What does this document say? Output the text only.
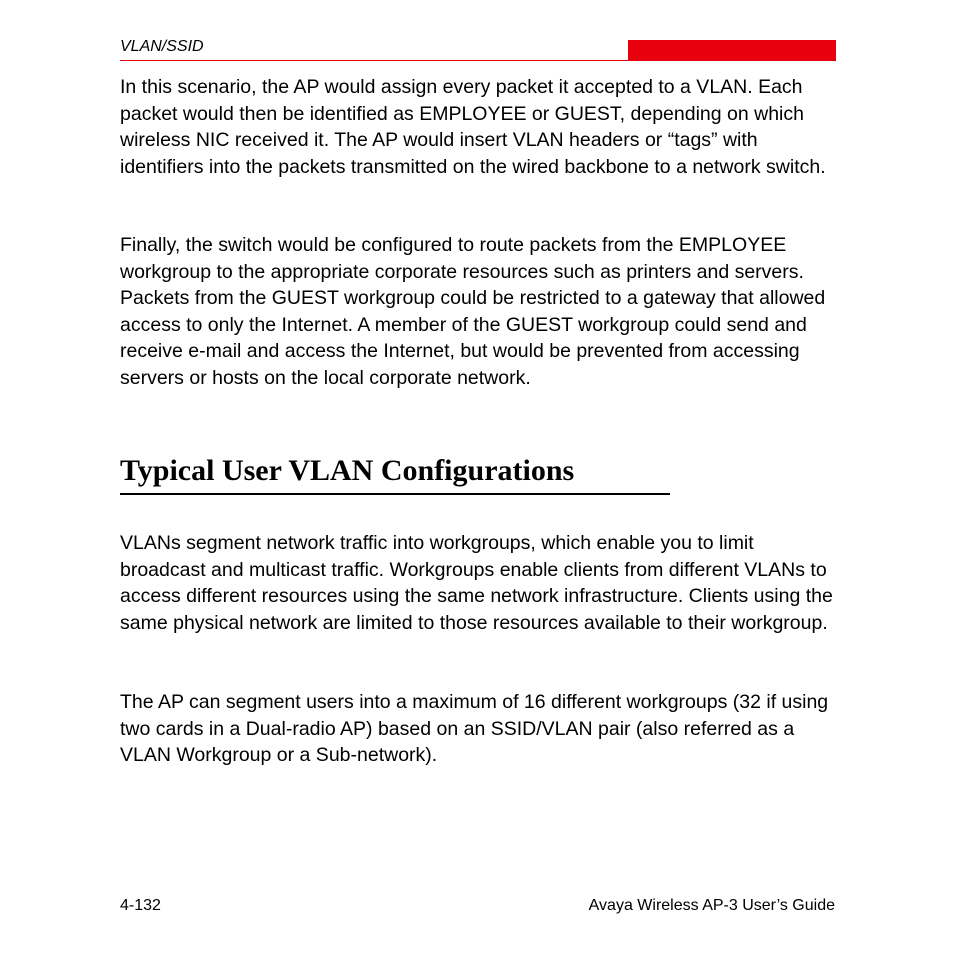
VLAN/SSID

In this scenario, the AP would assign every packet it accepted to a VLAN. Each packet would then be identified as EMPLOYEE or GUEST, depending on which wireless NIC received it. The AP would insert VLAN headers or “tags” with identifiers into the packets transmitted on the wired backbone to a network switch.

Finally, the switch would be configured to route packets from the EMPLOYEE workgroup to the appropriate corporate resources such as printers and servers. Packets from the GUEST workgroup could be restricted to a gateway that allowed access to only the Internet. A member of the GUEST workgroup could send and receive e-mail and access the Internet, but would be prevented from accessing servers or hosts on the local corporate network.

Typical User VLAN Configurations

VLANs segment network traffic into workgroups, which enable you to limit broadcast and multicast traffic. Workgroups enable clients from different VLANs to access different resources using the same network infrastructure. Clients using the same physical network are limited to those resources available to their workgroup.

The AP can segment users into a maximum of 16 different workgroups (32 if using two cards in a Dual-radio AP) based on an SSID/VLAN pair (also referred as a VLAN Workgroup or a Sub-network).

4-132	Avaya Wireless AP-3 User’s Guide
